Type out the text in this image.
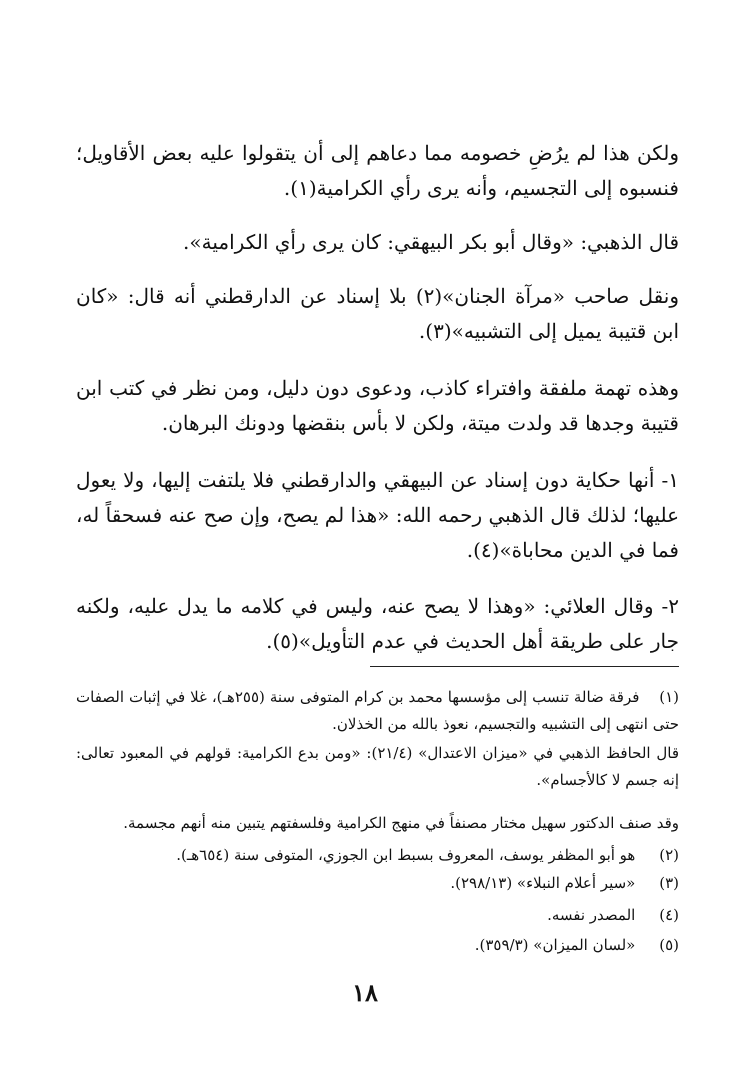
ولكن هذا لم يرُضِ خصومه مما دعاهم إلى أن يتقولوا عليه بعض الأقاويل؛ فنسبوه إلى التجسيم، وأنه يرى رأي الكرامية(١).
قال الذهبي: «وقال أبو بكر البيهقي: كان يرى رأي الكرامية».
ونقل صاحب «مرآة الجنان»(٢) بلا إسناد عن الدارقطني أنه قال: «كان ابن قتيبة يميل إلى التشبيه»(٣).
وهذه تهمة ملفقة وافتراء كاذب، ودعوى دون دليل، ومن نظر في كتب ابن قتيبة وجدها قد ولدت ميتة، ولكن لا بأس بنقضها ودونك البرهان.
١- أنها حكاية دون إسناد عن البيهقي والدارقطني فلا يلتفت إليها، ولا يعول عليها؛ لذلك قال الذهبي رحمه الله: «هذا لم يصح، وإن صح عنه فسحقاً له، فما في الدين محاباة»(٤).
٢- وقال العلائي: «وهذا لا يصح عنه، وليس في كلامه ما يدل عليه، ولكنه جار على طريقة أهل الحديث في عدم التأويل»(٥).
(١)    فرقة ضالة تنسب إلى مؤسسها محمد بن كرام المتوفى سنة (٢٥٥هـ)، غلا في إثبات الصفات حتى انتهى إلى التشبيه والتجسيم، نعوذ بالله من الخذلان.
قال الحافظ الذهبي في «ميزان الاعتدال» (٢١/٤): «ومن بدع الكرامية: قولهم في المعبود تعالى: إنه جسم لا كالأجسام».
وقد صنف الدكتور سهيل مختار مصنفاً في منهج الكرامية وفلسفتهم يتبين منه أنهم مجسمة.
(٢)     هو أبو المظفر يوسف، المعروف بسبط ابن الجوزي، المتوفى سنة (٦٥٤هـ).
(٣)     «سير أعلام النبلاء» (٢٩٨/١٣).
(٤)     المصدر نفسه.
(٥)     «لسان الميزان» (٣٥٩/٣).
١٨
